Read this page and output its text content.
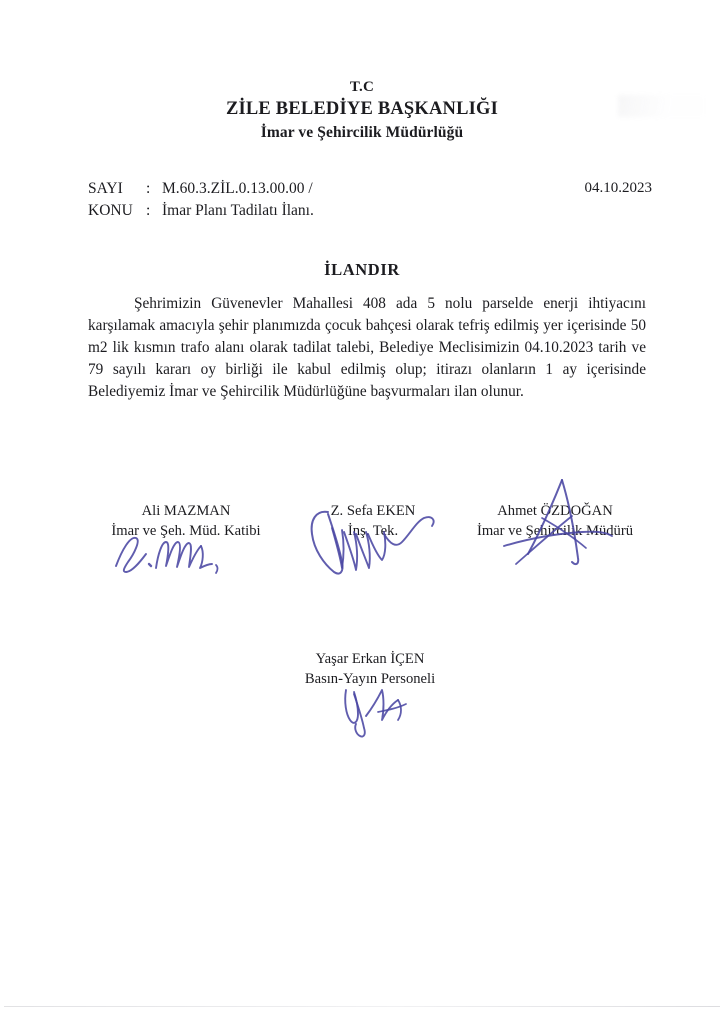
T.C
ZİLE BELEDİYE BAŞKANLIĞI
İmar ve Şehircilik Müdürlüğü
SAYI : M.60.3.ZİL.0.13.00.00 /
KONU : İmar Planı Tadilatı İlanı.
04.10.2023
İLANDIR
Şehrimizin Güvenevler Mahallesi 408 ada 5 nolu parselde enerji ihtiyacını karşılamak amacıyla şehir planımızda çocuk bahçesi olarak tefriş edilmiş yer içerisinde 50 m2 lik kısmın trafo alanı olarak tadilat talebi, Belediye Meclisimizin 04.10.2023 tarih ve 79 sayılı kararı oy birliği ile kabul edilmiş olup; itirazı olanların 1 ay içerisinde Belediyemiz İmar ve Şehircilik Müdürlüğüne başvurmaları ilan olunur.
Ali MAZMAN
İmar ve Şeh. Müd. Katibi
Z. Sefa EKEN
İnş. Tek.
Ahmet ÖZDOĞAN
İmar ve Şehircilik Müdürü
Yaşar Erkan İÇEN
Basın-Yayın Personeli
